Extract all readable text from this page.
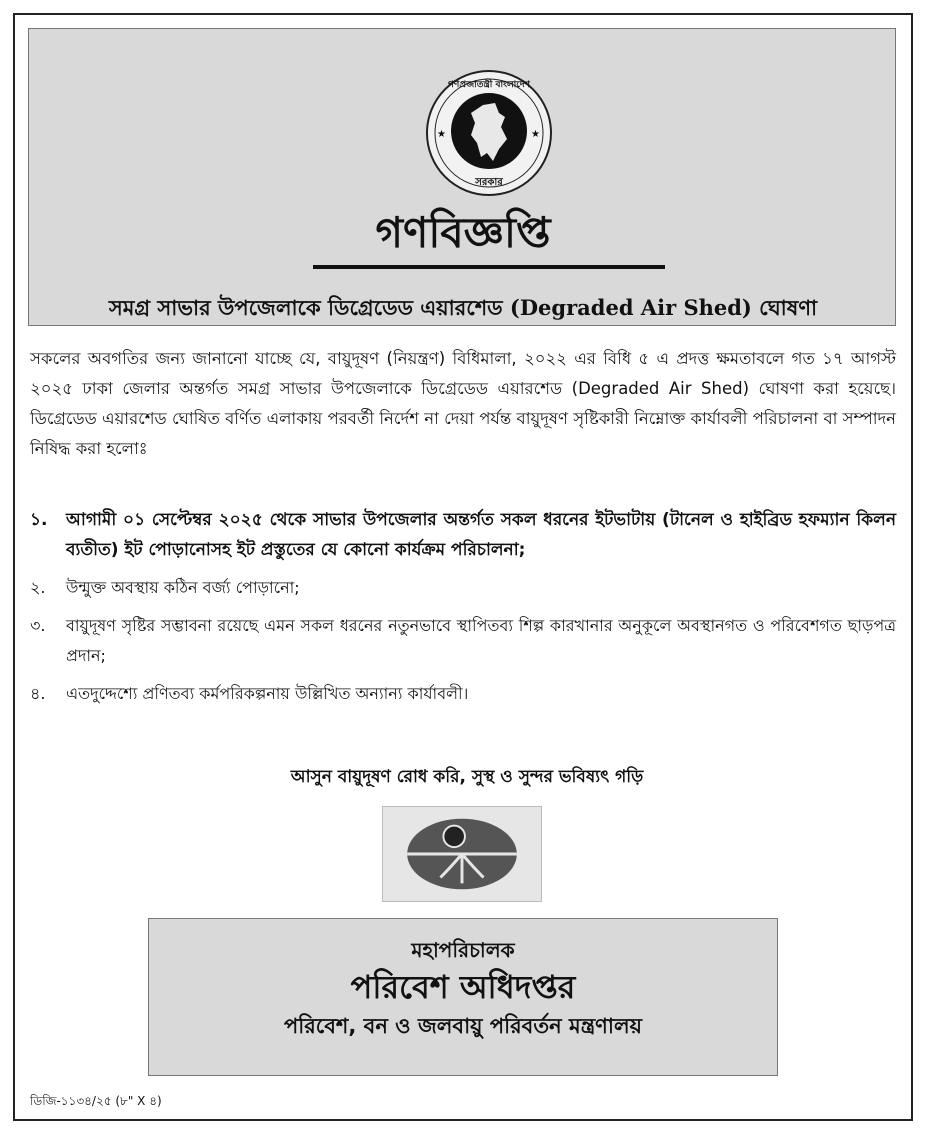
গণপ্রজাতন্ত্রী বাংলাদেশ
সরকার
★	★
গণবিজ্ঞপ্তি
সমগ্র সাভার উপজেলাকে ডিগ্রেডেড এয়ারশেড (Degraded Air Shed) ঘোষণা
সকলের অবগতির জন্য জানানো যাচ্ছে যে, বায়ুদূষণ (নিয়ন্ত্রণ) বিধিমালা, ২০২২ এর বিধি ৫ এ প্রদত্ত ক্ষমতাবলে গত ১৭ আগস্ট ২০২৫ ঢাকা জেলার অন্তর্গত সমগ্র সাভার উপজেলাকে ডিগ্রেডেড এয়ারশেড (Degraded Air Shed) ঘোষণা করা হয়েছে। ডিগ্রেডেড এয়ারশেড ঘোষিত বর্ণিত এলাকায় পরবর্তী নির্দেশ না দেয়া পর্যন্ত বায়ুদূষণ সৃষ্টিকারী নিম্নোক্ত কার্যাবলী পরিচালনা বা সম্পাদন নিষিদ্ধ করা হলোঃ
১.	আগামী ০১ সেপ্টেম্বর ২০২৫ থেকে সাভার উপজেলার অন্তর্গত সকল ধরনের ইটভাটায় (টানেল ও হাইব্রিড হফম্যান কিলন ব্যতীত) ইট পোড়ানোসহ ইট প্রস্তুতের যে কোনো কার্যক্রম পরিচালনা;
২.	উন্মুক্ত অবস্থায় কঠিন বর্জ্য পোড়ানো;
৩.	বায়ুদূষণ সৃষ্টির সম্ভাবনা রয়েছে এমন সকল ধরনের নতুনভাবে স্থাপিতব্য শিল্প কারখানার অনুকূলে অবস্থানগত ও পরিবেশগত ছাড়পত্র প্রদান;
৪.	এতদুদ্দেশ্যে প্রণিতব্য কর্মপরিকল্পনায় উল্লিখিত অন্যান্য কার্যাবলী।
আসুন বায়ুদূষণ রোধ করি, সুস্থ ও সুন্দর ভবিষ্যৎ গড়ি
মহাপরিচালক
পরিবেশ অধিদপ্তর
পরিবেশ, বন ও জলবায়ু পরিবর্তন মন্ত্রণালয়
ডিজি-১১৩৪/২৫ (৮" X ৪)
